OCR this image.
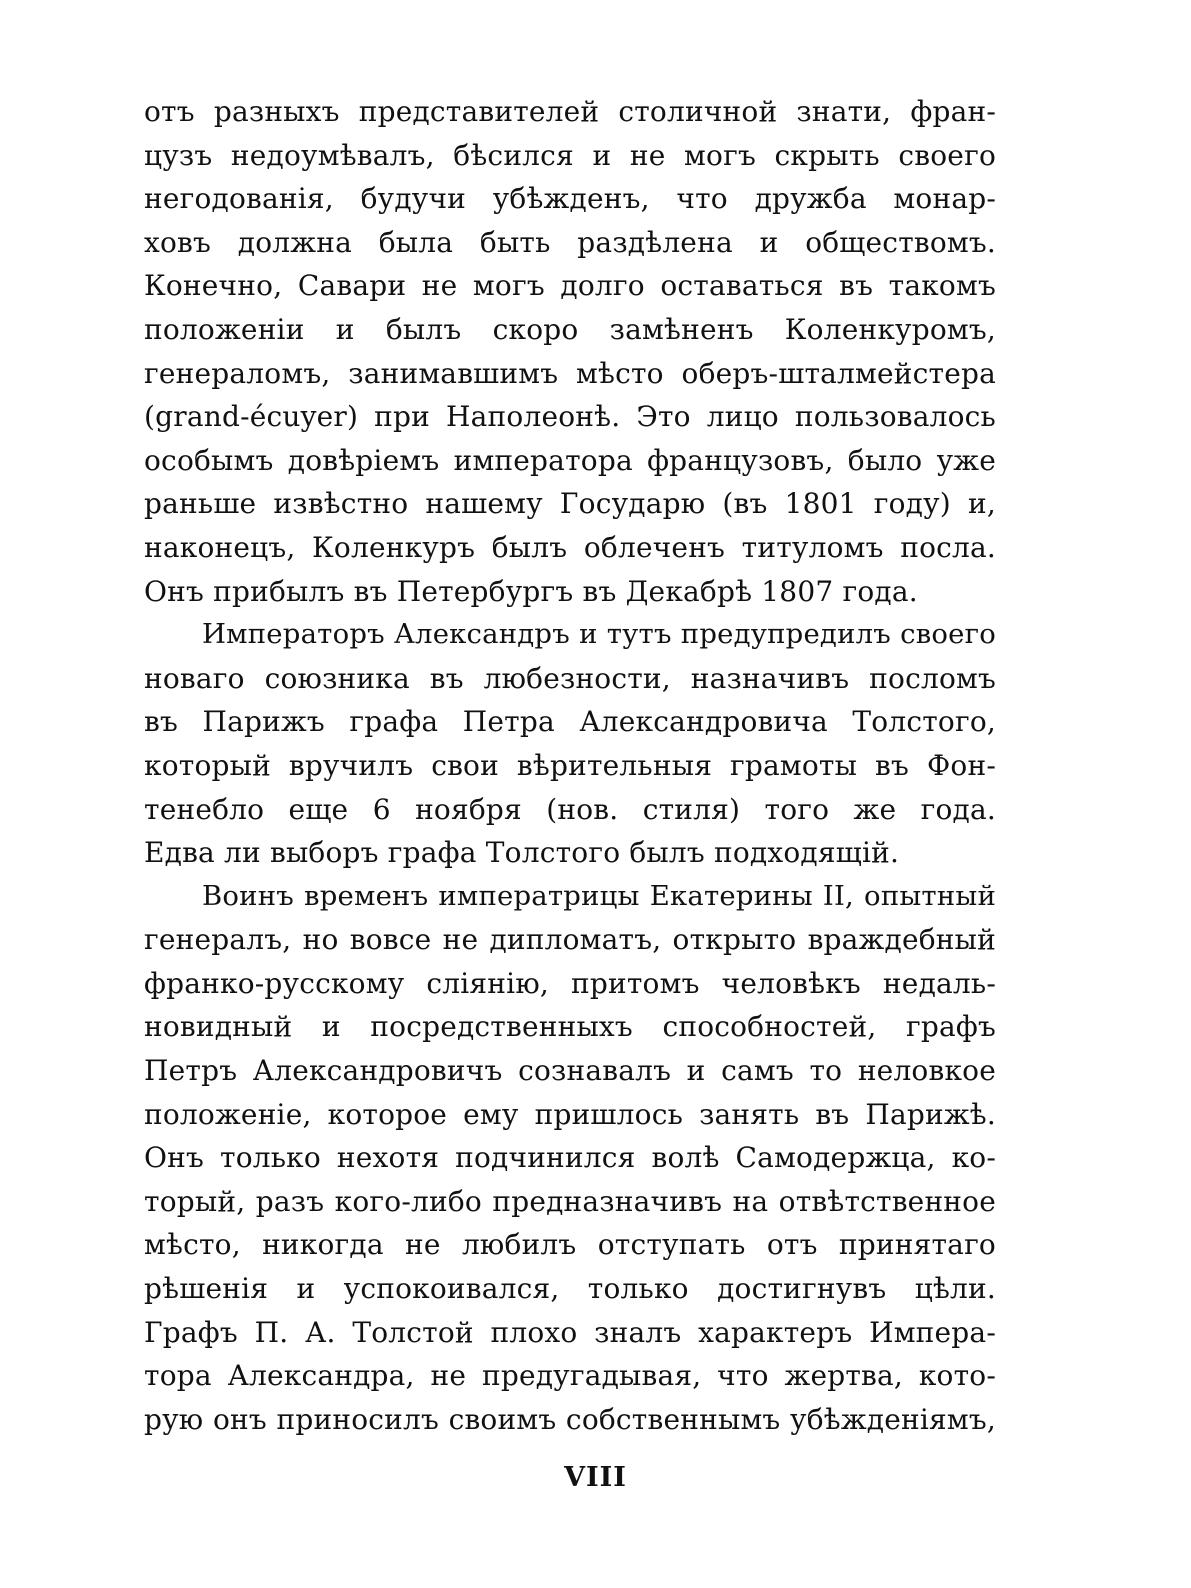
отъ разныхъ представителей столичной знати, фран-
цузъ недоумѣвалъ, бѣсился и не могъ скрыть своего
негодованія, будучи убѣжденъ, что дружба монар-
ховъ должна была быть раздѣлена и обществомъ.
Конечно, Савари не могъ долго оставаться въ такомъ
положеніи и былъ скоро замѣненъ Коленкуромъ,
генераломъ, занимавшимъ мѣсто оберъ-шталмейстера
(grand-écuyer) при Наполеонѣ. Это лицо пользовалось
особымъ довѣріемъ императора французовъ, было уже
раньше извѣстно нашему Государю (въ 1801 году) и,
наконецъ, Коленкуръ былъ облеченъ титуломъ посла.
Онъ прибылъ въ Петербургъ въ Декабрѣ 1807 года.
Императоръ Александръ и тутъ предупредилъ своего
новаго союзника въ любезности, назначивъ посломъ
въ Парижъ графа Петра Александровича Толстого,
который вручилъ свои вѣрительныя грамоты въ Фон-
тенебло еще 6 ноября (нов. стиля) того же года.
Едва ли выборъ графа Толстого былъ подходящій.
Воинъ временъ императрицы Екатерины II, опытный
генералъ, но вовсе не дипломатъ, открыто враждебный
франко-русскому сліянію, притомъ человѣкъ недаль-
новидный и посредственныхъ способностей, графъ
Петръ Александровичъ сознавалъ и самъ то неловкое
положеніе, которое ему пришлось занять въ Парижѣ.
Онъ только нехотя подчинился волѣ Самодержца, ко-
торый, разъ кого-либо предназначивъ на отвѣтственное
мѣсто, никогда не любилъ отступать отъ принятаго
рѣшенія и успокоивался, только достигнувъ цѣли.
Графъ П. А. Толстой плохо зналъ характеръ Импера-
тора Александра, не предугадывая, что жертва, кото-
рую онъ приносилъ своимъ собственнымъ убѣжденіямъ,
VIII
